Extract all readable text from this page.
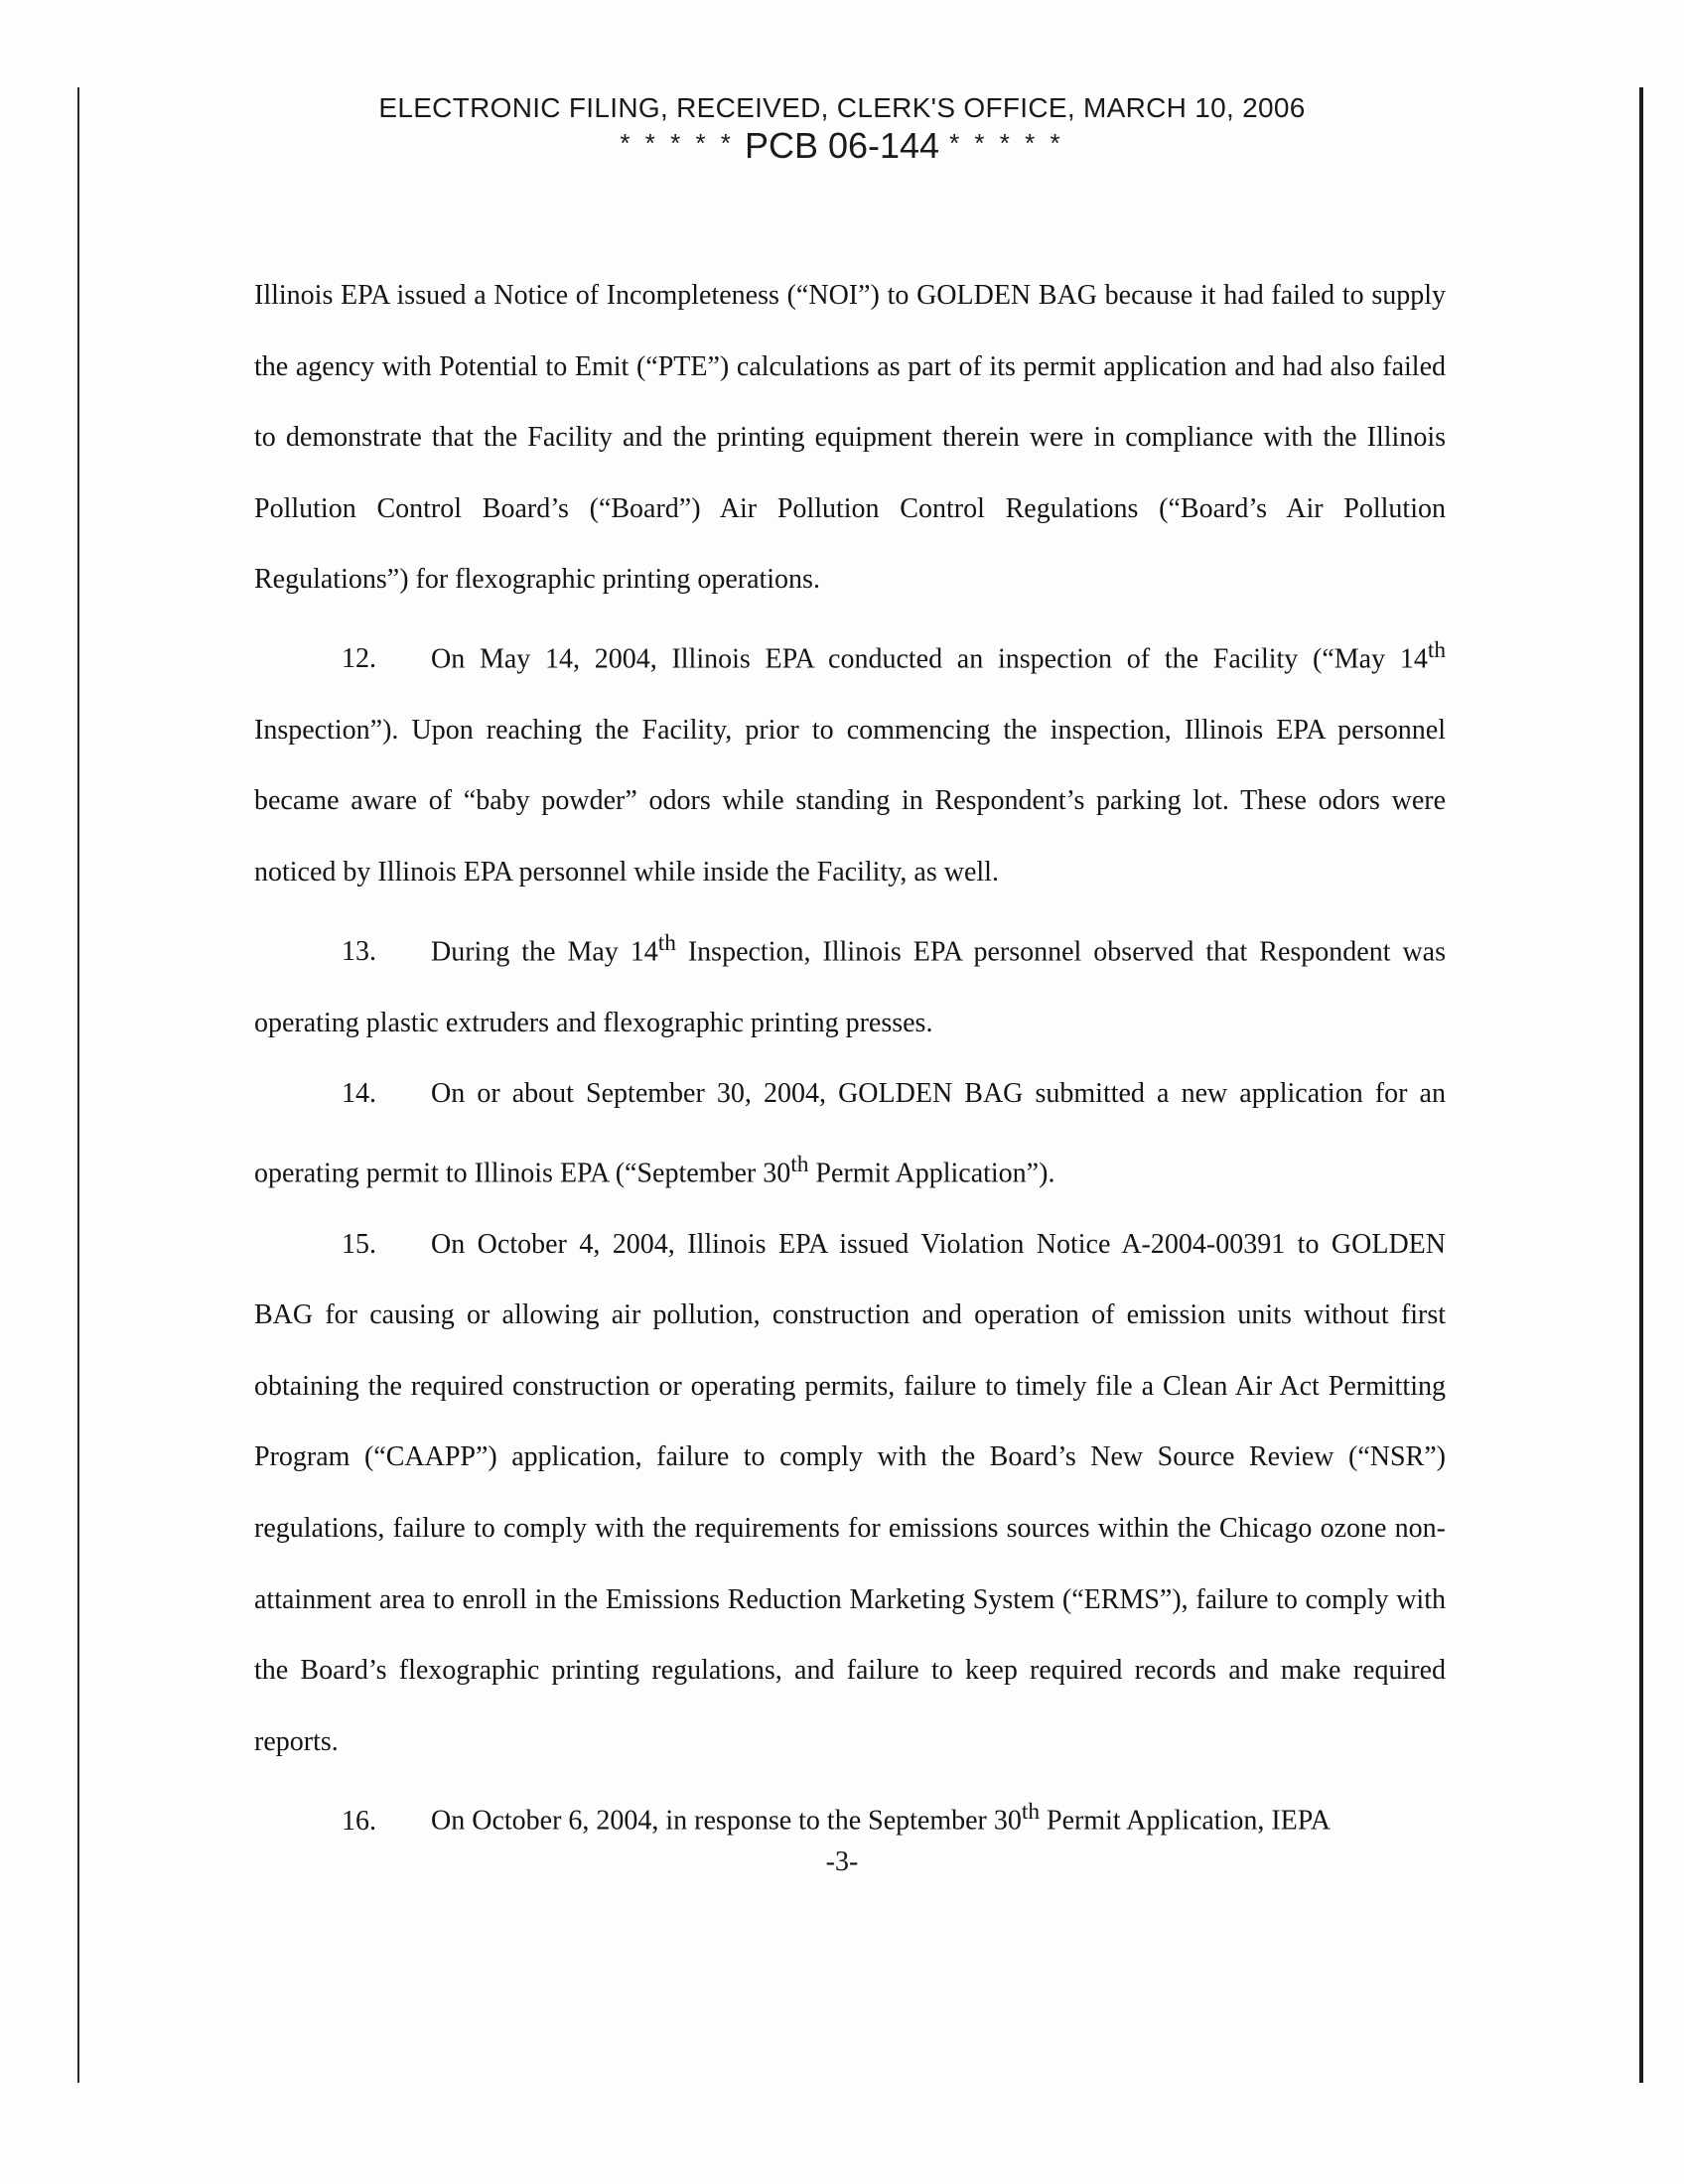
ELECTRONIC FILING, RECEIVED, CLERK'S OFFICE, MARCH 10, 2006
* * * * * PCB 06-144 * * * * *

Illinois EPA issued a Notice of Incompleteness (“NOI”) to GOLDEN BAG because it had failed to supply the agency with Potential to Emit (“PTE”) calculations as part of its permit application and had also failed to demonstrate that the Facility and the printing equipment therein were in compliance with the Illinois Pollution Control Board’s (“Board”) Air Pollution Control Regulations (“Board’s Air Pollution Regulations”) for flexographic printing operations.

12. On May 14, 2004, Illinois EPA conducted an inspection of the Facility (“May 14th Inspection”). Upon reaching the Facility, prior to commencing the inspection, Illinois EPA personnel became aware of “baby powder” odors while standing in Respondent’s parking lot. These odors were noticed by Illinois EPA personnel while inside the Facility, as well.

13. During the May 14th Inspection, Illinois EPA personnel observed that Respondent was operating plastic extruders and flexographic printing presses.

14. On or about September 30, 2004, GOLDEN BAG submitted a new application for an operating permit to Illinois EPA (“September 30th Permit Application”).

15. On October 4, 2004, Illinois EPA issued Violation Notice A-2004-00391 to GOLDEN BAG for causing or allowing air pollution, construction and operation of emission units without first obtaining the required construction or operating permits, failure to timely file a Clean Air Act Permitting Program (“CAAPP”) application, failure to comply with the Board’s New Source Review (“NSR”) regulations, failure to comply with the requirements for emissions sources within the Chicago ozone non-attainment area to enroll in the Emissions Reduction Marketing System (“ERMS”), failure to comply with the Board’s flexographic printing regulations, and failure to keep required records and make required reports.

16. On October 6, 2004, in response to the September 30th Permit Application, IEPA

-3-
